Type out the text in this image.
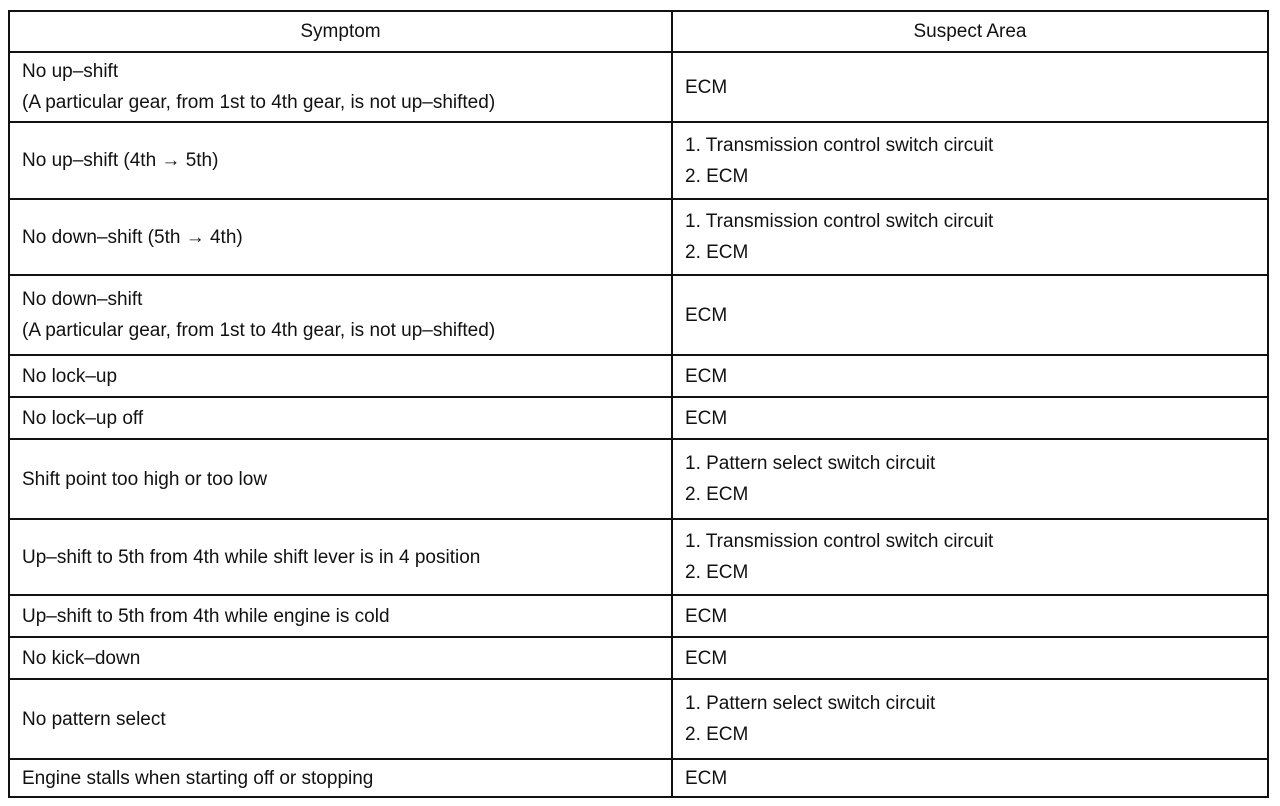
Symptom	Suspect Area

No up–shift
(A particular gear, from 1st to 4th gear, is not up–shifted)	ECM

No up–shift (4th → 5th)	1. Transmission control switch circuit
2. ECM

No down–shift (5th → 4th)	1. Transmission control switch circuit
2. ECM

No down–shift
(A particular gear, from 1st to 4th gear, is not up–shifted)	ECM

No lock–up	ECM

No lock–up off	ECM

Shift point too high or too low	1. Pattern select switch circuit
2. ECM

Up–shift to 5th from 4th while shift lever is in 4 position	1. Transmission control switch circuit
2. ECM

Up–shift to 5th from 4th while engine is cold	ECM

No kick–down	ECM

No pattern select	1. Pattern select switch circuit
2. ECM

Engine stalls when starting off or stopping	ECM
